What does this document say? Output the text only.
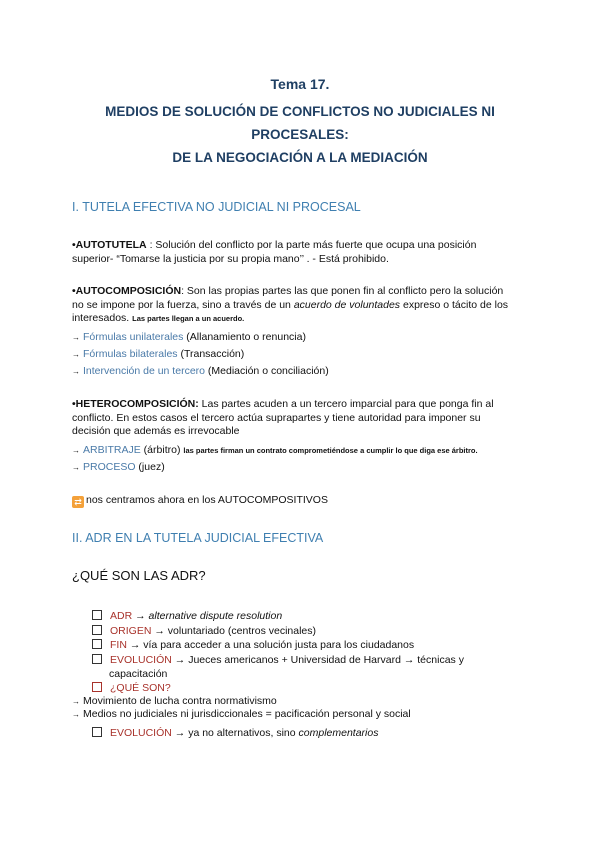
Tema 17.
MEDIOS DE SOLUCIÓN DE CONFLICTOS NO JUDICIALES NI
PROCESALES:
DE LA NEGOCIACIÓN A LA MEDIACIÓN
I. TUTELA EFECTIVA NO JUDICIAL NI PROCESAL
•AUTOTUTELA : Solución del conflicto por la parte más fuerte que ocupa una posición
superior- “Tomarse la justicia por su propia mano’’ . - Está prohibido.
•AUTOCOMPOSICIÓN: Son las propias partes las que ponen fin al conflicto pero la solución
no se impone por la fuerza, sino a través de un acuerdo de voluntades expreso o tácito de los
interesados. Las partes llegan a un acuerdo.
→ Fórmulas unilaterales (Allanamiento o renuncia)
→ Fórmulas bilaterales (Transacción)
→ Intervención de un tercero (Mediación o conciliación)
•HETEROCOMPOSICIÓN: Las partes acuden a un tercero imparcial para que ponga fin al
conflicto. En estos casos el tercero actúa suprapartes y tiene autoridad para imponer su
decisión que además es irrevocable
→ ARBITRAJE (árbitro) las partes firman un contrato comprometiéndose a cumplir lo que diga ese árbitro.
→ PROCESO (juez)
⇄ nos centramos ahora en los AUTOCOMPOSITIVOS
II. ADR EN LA TUTELA JUDICIAL EFECTIVA
¿QUÉ SON LAS ADR?
ADR → alternative dispute resolution
ORIGEN → voluntariado (centros vecinales)
FIN → vía para acceder a una solución justa para los ciudadanos
EVOLUCIÓN → Jueces americanos + Universidad de Harvard → técnicas y
capacitación
¿QUÉ SON?
→ Movimiento de lucha contra normativismo
→ Medios no judiciales ni jurisdiccionales = pacificación personal y social
EVOLUCIÓN → ya no alternativos, sino complementarios
